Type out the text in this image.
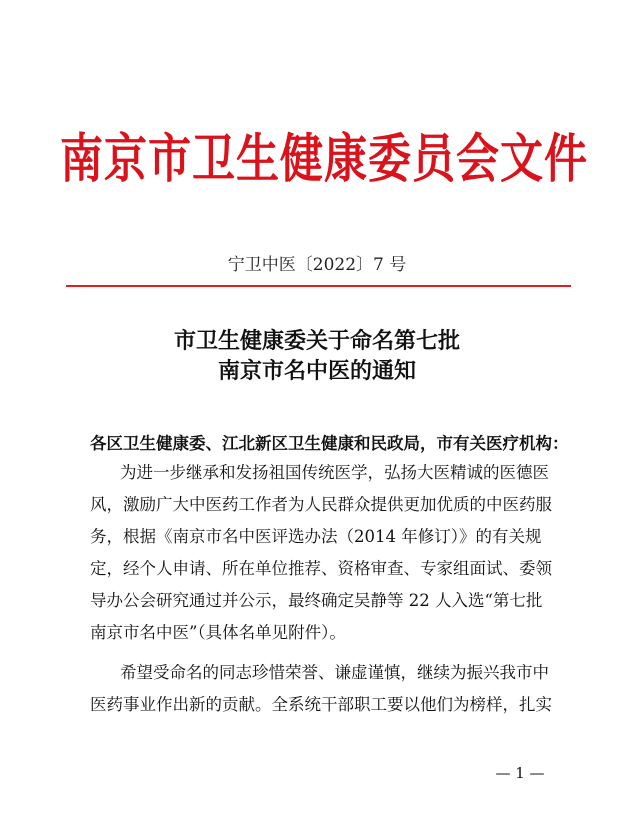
南京市卫生健康委员会文件
宁卫中医〔2022〕7 号
市卫生健康委关于命名第七批
南京市名中医的通知
各区卫生健康委、江北新区卫生健康和民政局，市有关医疗机构：
为进一步继承和发扬祖国传统医学，弘扬大医精诚的医德医
风，激励广大中医药工作者为人民群众提供更加优质的中医药服
务，根据《南京市名中医评选办法（2014 年修订）》的有关规
定，经个人申请、所在单位推荐、资格审查、专家组面试、委领
导办公会研究通过并公示，最终确定吴静等 22 人入选“第七批
南京市名中医”（具体名单见附件）。
希望受命名的同志珍惜荣誉、谦虚谨慎，继续为振兴我市中
医药事业作出新的贡献。全系统干部职工要以他们为榜样，扎实
— 1 —
